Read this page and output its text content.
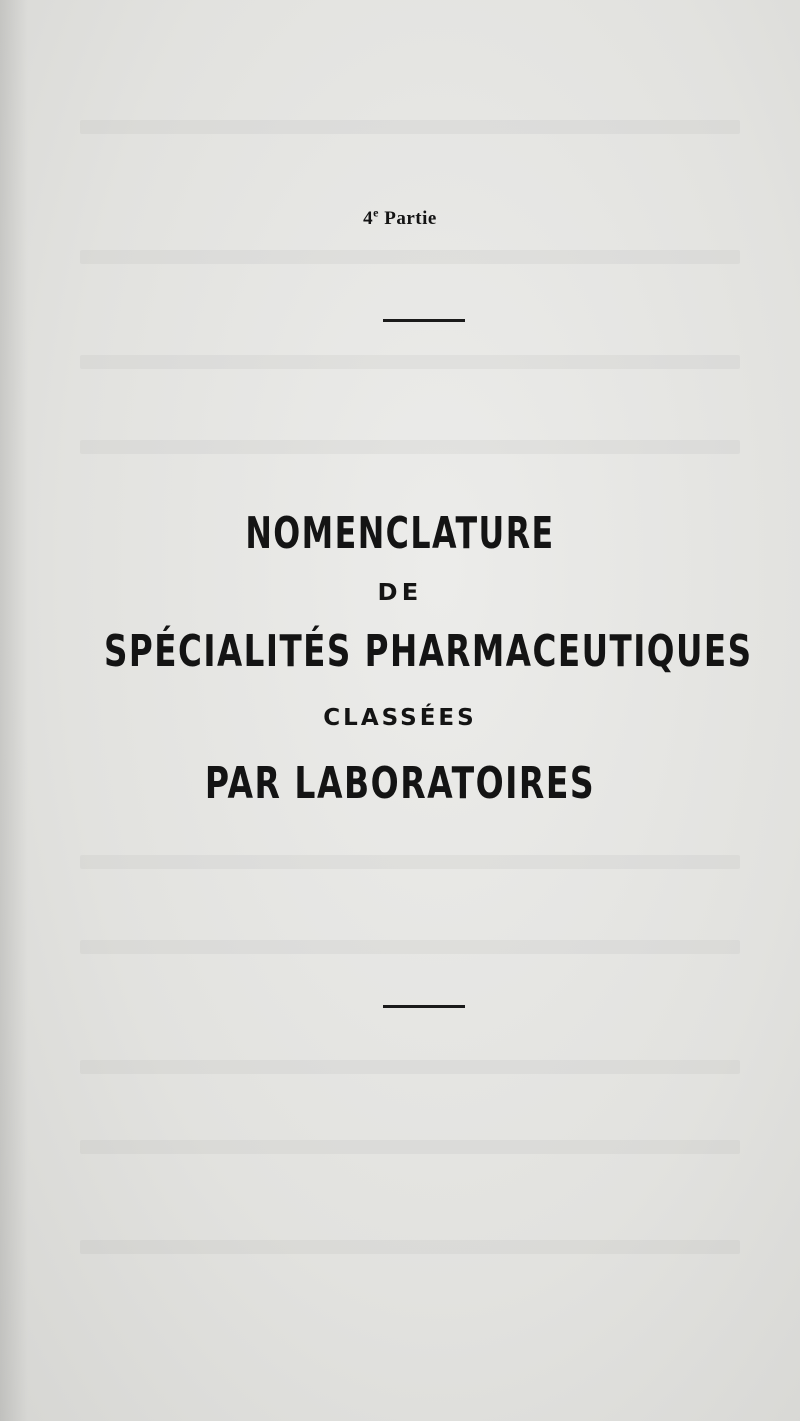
4e Partie
NOMENCLATURE
DE
SPÉCIALITÉS PHARMACEUTIQUES
CLASSÉES
PAR LABORATOIRES
